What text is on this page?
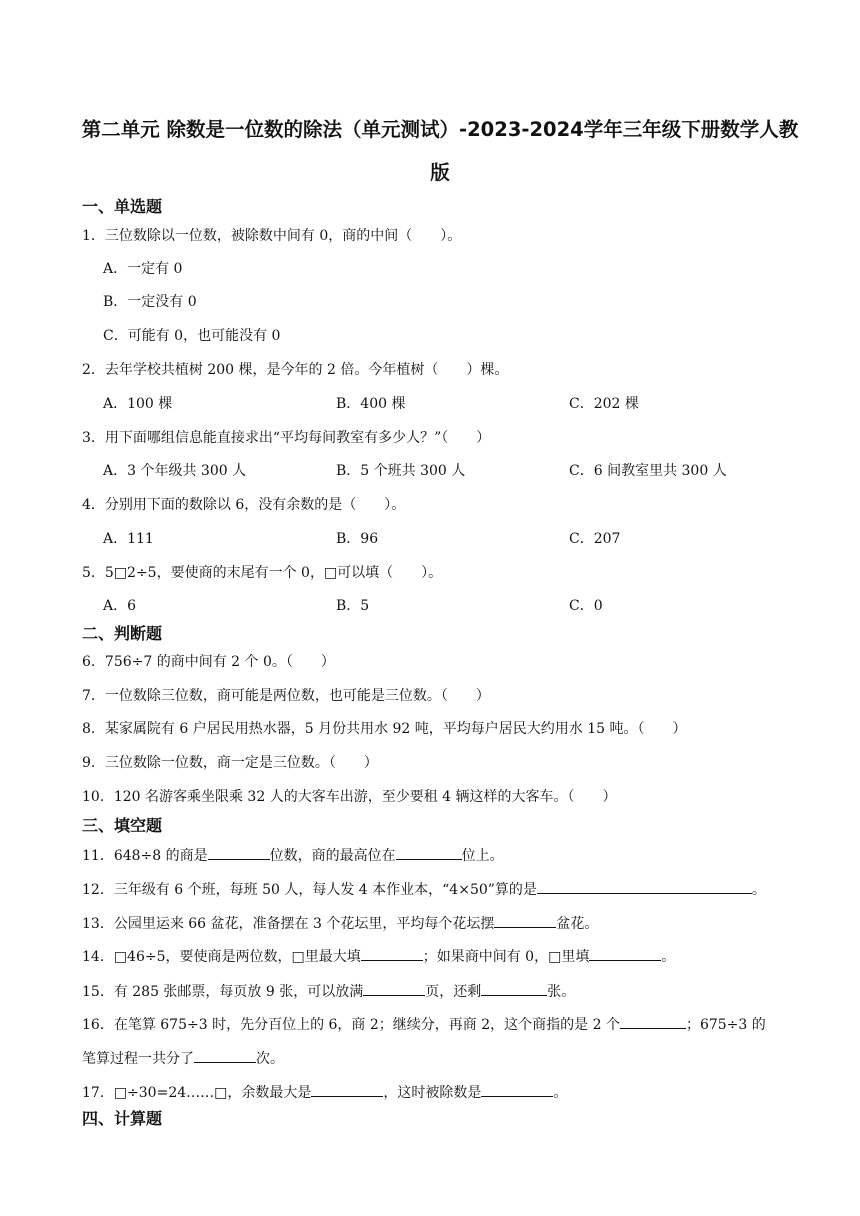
第二单元 除数是一位数的除法（单元测试）-2023-2024学年三年级下册数学人教
版
一、单选题
1．三位数除以一位数，被除数中间有 0，商的中间（　　）。
A．一定有 0
B．一定没有 0
C．可能有 0，也可能没有 0
2．去年学校共植树 200 棵，是今年的 2 倍。今年植树（　　）棵。
A．100 棵	B．400 棵	C．202 棵
3．用下面哪组信息能直接求出“平均每间教室有多少人？”（　　）
A．3 个年级共 300 人	B．5 个班共 300 人	C．6 间教室里共 300 人
4．分别用下面的数除以 6，没有余数的是（　　）。
A．111	B．96	C．207
5．5□2÷5，要使商的末尾有一个 0，□可以填（　　）。
A．6	B．5	C．0
二、判断题
6．756÷7 的商中间有 2 个 0。（　　）
7．一位数除三位数，商可能是两位数，也可能是三位数。（　　）
8．某家属院有 6 户居民用热水器，5 月份共用水 92 吨，平均每户居民大约用水 15 吨。（　　）
9．三位数除一位数，商一定是三位数。（　　）
10．120 名游客乘坐限乘 32 人的大客车出游，至少要租 4 辆这样的大客车。（　　）
三、填空题
11．648÷8 的商是	位数，商的最高位在	位上。
12．三年级有 6 个班，每班 50 人，每人发 4 本作业本，“4×50”算的是	。
13．公园里运来 66 盆花，准备摆在 3 个花坛里，平均每个花坛摆	盆花。
14．□46÷5，要使商是两位数，□里最大填	；如果商中间有 0，□里填	。
15．有 285 张邮票，每页放 9 张，可以放满	页，还剩	张。
16．在笔算 675÷3 时，先分百位上的 6，商 2；继续分，再商 2，这个商指的是 2 个	；675÷3 的
笔算过程一共分了	次。
17．□÷30=24……□，余数最大是	，这时被除数是	。
四、计算题
